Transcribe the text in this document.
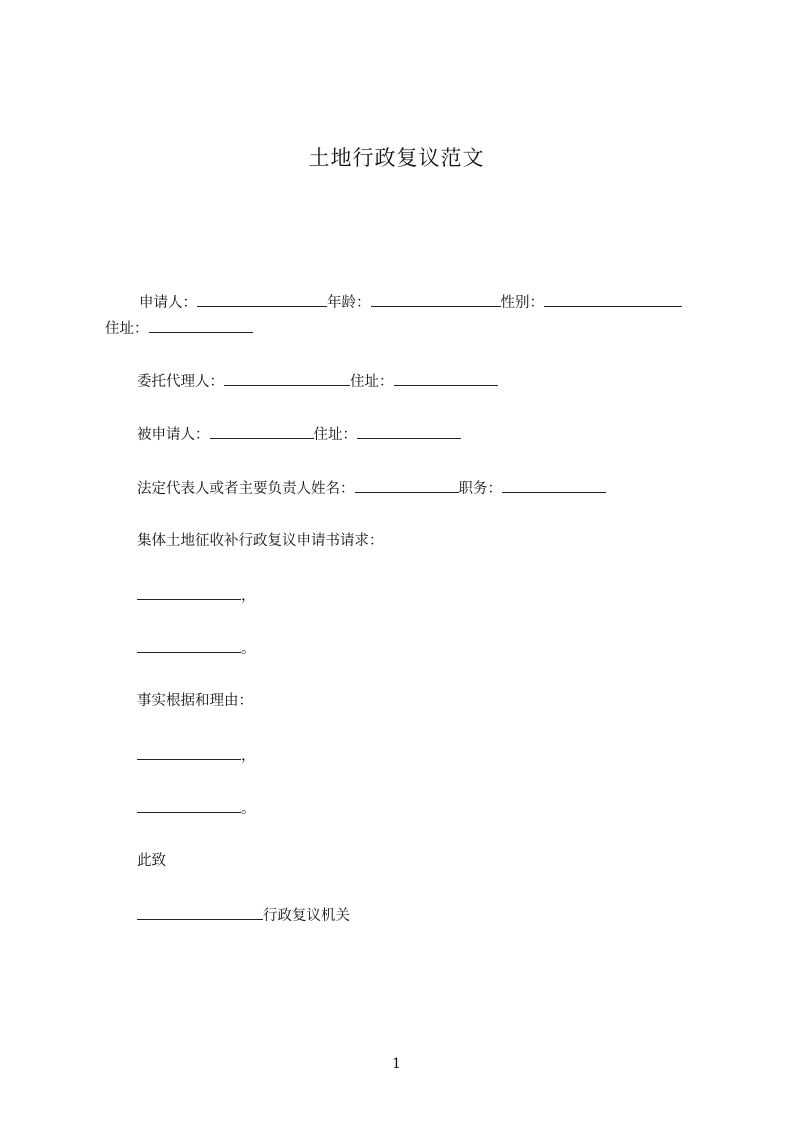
土地行政复议范文
申请人：	年龄：	性别：
住址：
委托代理人：	住址：
被申请人：	住址：
法定代表人或者主要负责人姓名：	职务：
集体土地征收补行政复议申请书请求：
，
。
事实根据和理由：
，
。
此致
行政复议机关
1
